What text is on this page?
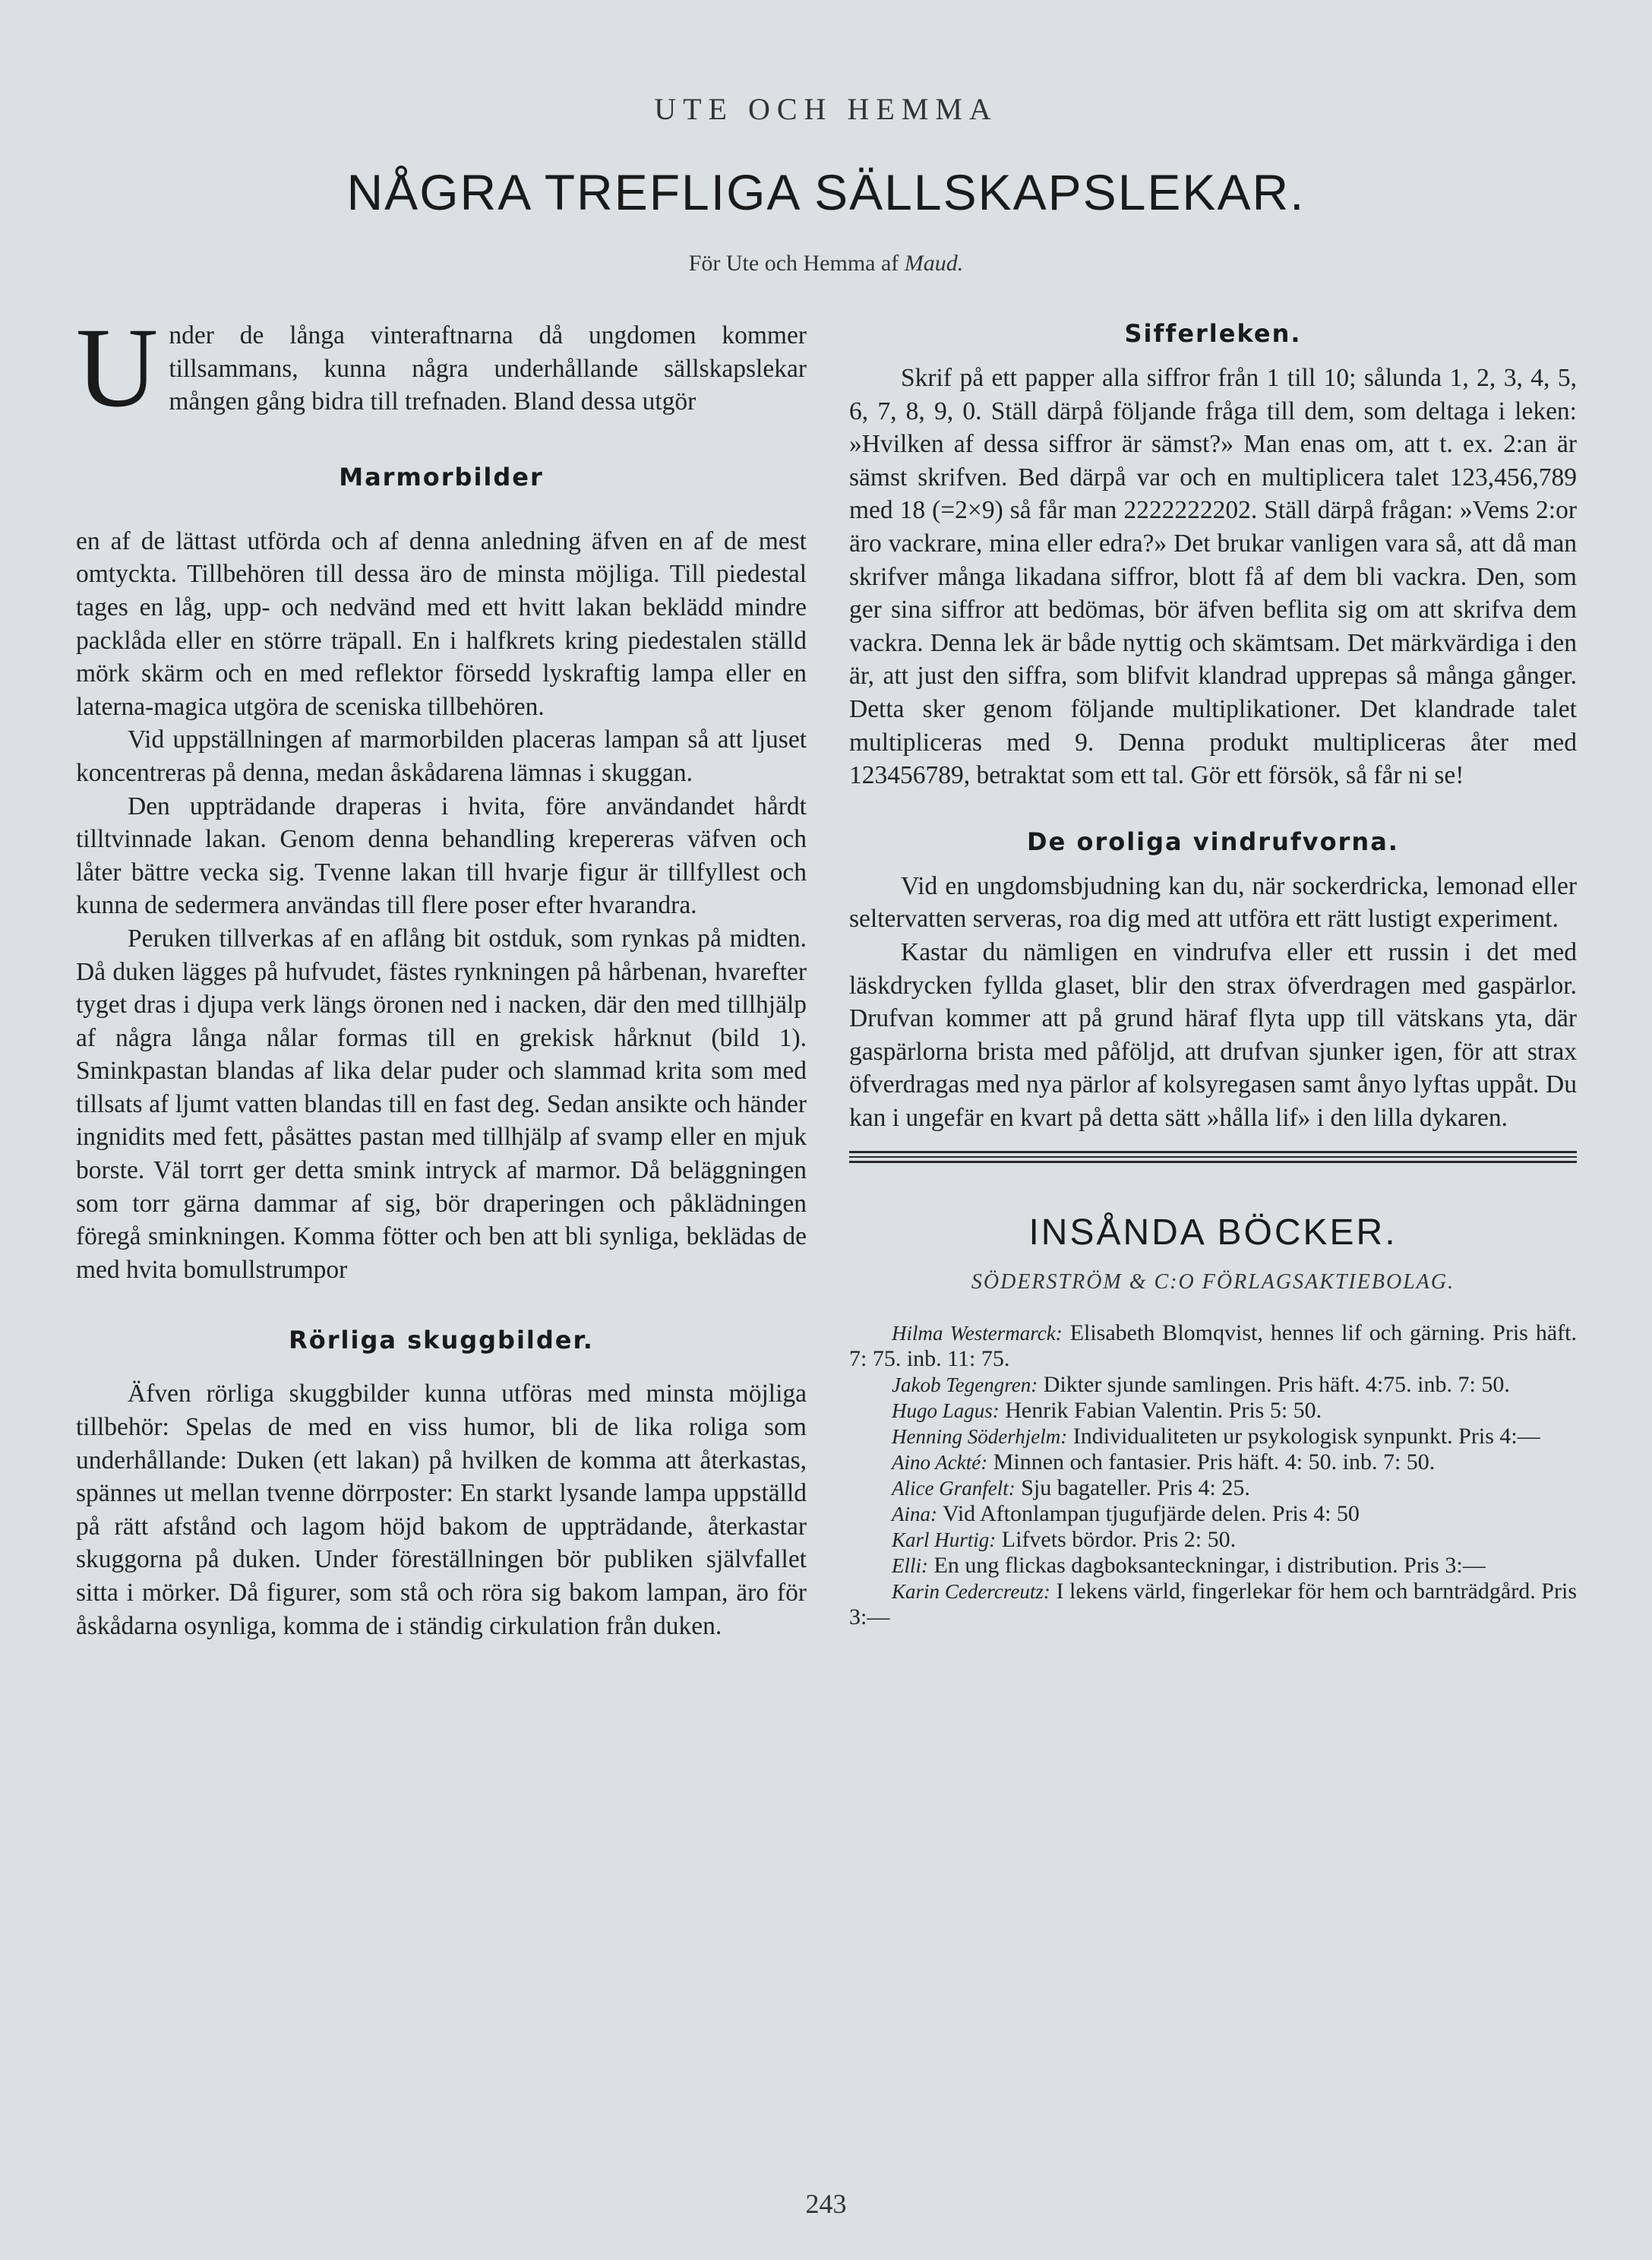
UTE OCH HEMMA
NÅGRA TREFLIGA SÄLLSKAPSLEKAR.
För Ute och Hemma af Maud.
U nder de långa vinteraftnarna då ungdomen kommer tillsammans, kunna några underhållande sällskapslekar mången gång bidra till trefnaden. Bland dessa utgör

Marmorbilder

en af de lättast utförda och af denna anledning äfven en af de mest omtyckta. Tillbehören till dessa äro de minsta möjliga. Till piedestal tages en låg, upp- och nedvänd med ett hvitt lakan beklädd mindre packlåda eller en större träpall. En i halfkrets kring piedestalen ställd mörk skärm och en med reflektor försedd lyskraftig lampa eller en laterna-magica utgöra de sceniska tillbehören.

Vid uppställningen af marmorbilden placeras lampan så att ljuset koncentreras på denna, medan åskådarena lämnas i skuggan.

Den uppträdande draperas i hvita, före användandet hårdt tilltvinnade lakan. Genom denna behandling krepereras väfven och låter bättre vecka sig. Tvenne lakan till hvarje figur är tillfyllest och kunna de sedermera användas till flere poser efter hvarandra.

Peruken tillverkas af en aflång bit ostduk, som rynkas på midten. Då duken lägges på hufvudet, fästes rynkningen på hårbenan, hvarefter tyget dras i djupa verk längs öronen ned i nacken, där den med tillhjälp af några långa nålar formas till en grekisk hårknut (bild 1). Sminkpastan blandas af lika delar puder och slammad krita som med tillsats af ljumt vatten blandas till en fast deg. Sedan ansikte och händer ingnidits med fett, påsättes pastan med tillhjälp af svamp eller en mjuk borste. Väl torrt ger detta smink intryck af marmor. Då beläggningen som torr gärna dammar af sig, bör draperingen och påklädningen föregå sminkningen. Komma fötter och ben att bli synliga, beklädas de med hvita bomullstrumpor

Rörliga skuggbilder.

Äfven rörliga skuggbilder kunna utföras med minsta möjliga tillbehör: Spelas de med en viss humor, bli de lika roliga som underhållande: Duken (ett lakan) på hvilken de komma att återkastas, spännes ut mellan tvenne dörrposter: En starkt lysande lampa uppställd på rätt afstånd och lagom höjd bakom de uppträdande, återkastar skuggorna på duken. Under föreställningen bör publiken självfallet sitta i mörker. Då figurer, som stå och röra sig bakom lampan, äro för åskådarna osynliga, komma de i ständig cirkulation från duken.

Sifferleken.

Skrif på ett papper alla siffror från 1 till 10; sålunda 1, 2, 3, 4, 5, 6, 7, 8, 9, 0. Ställ därpå följande fråga till dem, som deltaga i leken: »Hvilken af dessa siffror är sämst?» Man enas om, att t. ex. 2:an är sämst skrifven. Bed därpå var och en multiplicera talet 123,456,789 med 18 (=2×9) så får man 2222222202. Ställ därpå frågan: »Vems 2:or äro vackrare, mina eller edra?» Det brukar vanligen vara så, att då man skrifver många likadana siffror, blott få af dem bli vackra. Den, som ger sina siffror att bedömas, bör äfven beflita sig om att skrifva dem vackra. Denna lek är både nyttig och skämtsam. Det märkvärdiga i den är, att just den siffra, som blifvit klandrad upprepas så många gånger. Detta sker genom följande multiplikationer. Det klandrade talet multipliceras med 9. Denna produkt multipliceras åter med 123456789, betraktat som ett tal. Gör ett försök, så får ni se!

De oroliga vindrufvorna.

Vid en ungdomsbjudning kan du, när sockerdricka, lemonad eller seltervatten serveras, roa dig med att utföra ett rätt lustigt experiment.

Kastar du nämligen en vindrufva eller ett russin i det med läskdrycken fyllda glaset, blir den strax öfverdragen med gaspärlor. Drufvan kommer att på grund häraf flyta upp till vätskans yta, där gaspärlorna brista med påföljd, att drufvan sjunker igen, för att strax öfverdragas med nya pärlor af kolsyregasen samt ånyo lyftas uppåt. Du kan i ungefär en kvart på detta sätt »hålla lif» i den lilla dykaren.

INSÅNDA BÖCKER.
SÖDERSTRÖM & C:O FÖRLAGSAKTIEBOLAG.

Hilma Westermarck: Elisabeth Blomqvist, hennes lif och gärning. Pris häft. 7: 75. inb. 11: 75.

Jakob Tegengren: Dikter sjunde samlingen. Pris häft. 4:75. inb. 7: 50.

Hugo Lagus: Henrik Fabian Valentin. Pris 5: 50.

Henning Söderhjelm: Individualiteten ur psykologisk synpunkt. Pris 4:—

Aino Ackté: Minnen och fantasier. Pris häft. 4: 50. inb. 7: 50.

Alice Granfelt: Sju bagateller. Pris 4: 25.

Aina: Vid Aftonlampan tjugufjärde delen. Pris 4: 50

Karl Hurtig: Lifvets bördor. Pris 2: 50.

Elli: En ung flickas dagboksanteckningar, i distribution. Pris 3:—

Karin Cedercreutz: I lekens värld, fingerlekar för hem och barnträdgård. Pris 3:—

243
